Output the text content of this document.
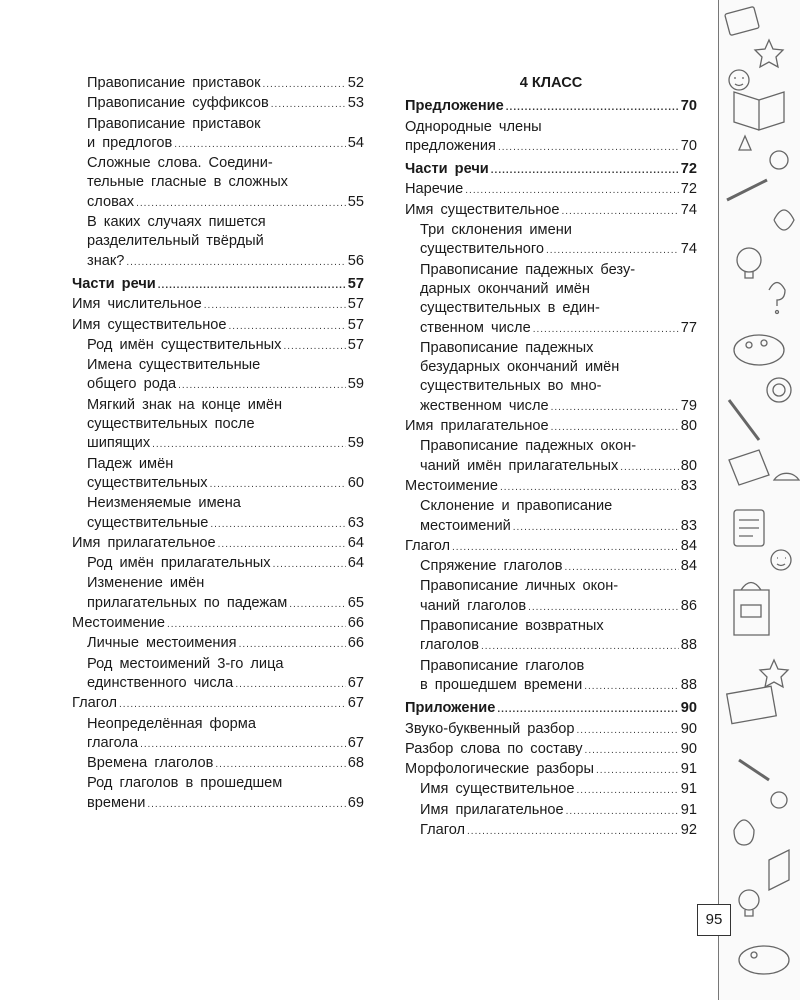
Правописание приставок .....	52
Правописание суффиксов .....	53
Правописание приставок
и предлогов .....	54
Сложные слова. Соедини-
тельные гласные в сложных
словах .....	55
В каких случаях пишется
разделительный твёрдый
знак? .....	56
Части речи .....	57
Имя числительное .....	57
Имя существительное .....	57
Род имён существительных .....	57
Имена существительные
общего рода .....	59
Мягкий знак на конце имён
существительных после
шипящих .....	59
Падеж имён
существительных .....	60
Неизменяемые имена
существительные .....	63
Имя прилагательное .....	64
Род имён прилагательных .....	64
Изменение имён
прилагательных по падежам .....	65
Местоимение .....	66
Личные местоимения .....	66
Род местоимений 3-го лица
единственного числа .....	67
Глагол .....	67
Неопределённая форма
глагола .....	67
Времена глаголов .....	68
Род глаголов в прошедшем
времени .....	69
4 КЛАСС
Предложение .....	70
Однородные члены
предложения .....	70
Части речи .....	72
Наречие .....	72
Имя существительное .....	74
Три склонения имени
существительного .....	74
Правописание падежных безу-
дарных окончаний имён
существительных в един-
ственном числе .....	77
Правописание падежных
безударных окончаний имён
существительных во мно-
жественном числе .....	79
Имя прилагательное .....	80
Правописание падежных окон-
чаний имён прилагательных .....	80
Местоимение .....	83
Склонение и правописание
местоимений .....	83
Глагол .....	84
Спряжение глаголов .....	84
Правописание личных окон-
чаний глаголов .....	86
Правописание возвратных
глаголов .....	88
Правописание глаголов
в прошедшем времени .....	88
Приложение .....	90
Звуко-буквенный разбор .....	90
Разбор слова по составу .....	90
Морфологические разборы .....	91
Имя существительное .....	91
Имя прилагательное .....	91
Глагол .....	92
95
